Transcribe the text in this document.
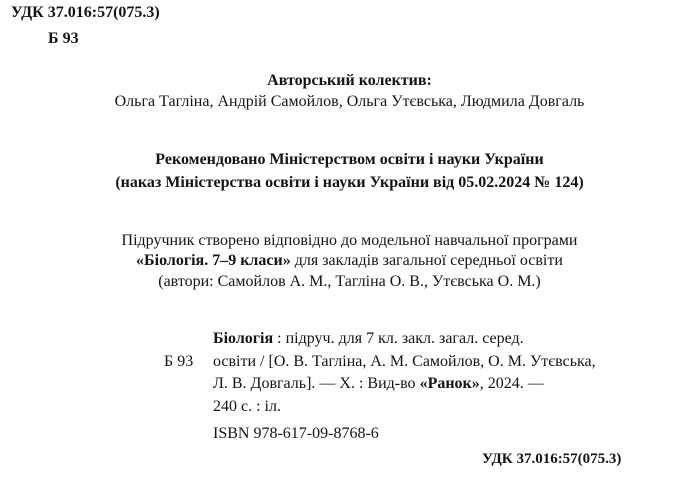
УДК 37.016:57(075.3)
Б 93
Авторський колектив:
Ольга Тагліна, Андрій Самойлов, Ольга Утєвська, Людмила Довгаль
Рекомендовано Міністерством освіти і науки України
(наказ Міністерства освіти і науки України від 05.02.2024 № 124)
Підручник створено відповідно до модельної навчальної програми
«Біологія. 7–9 класи» для закладів загальної середньої освіти
(автори: Самойлов А. М., Тагліна О. В., Утєвська О. М.)
Біологія : підруч. для 7 кл. закл. загал. серед.
Б 93 освіти / [О. В. Тагліна, А. М. Самойлов, О. М. Утєвська,
Л. В. Довгаль]. — Х. : Вид-во «Ранок», 2024. —
240 с. : іл.
ISBN 978-617-09-8768-6
УДК 37.016:57(075.3)
